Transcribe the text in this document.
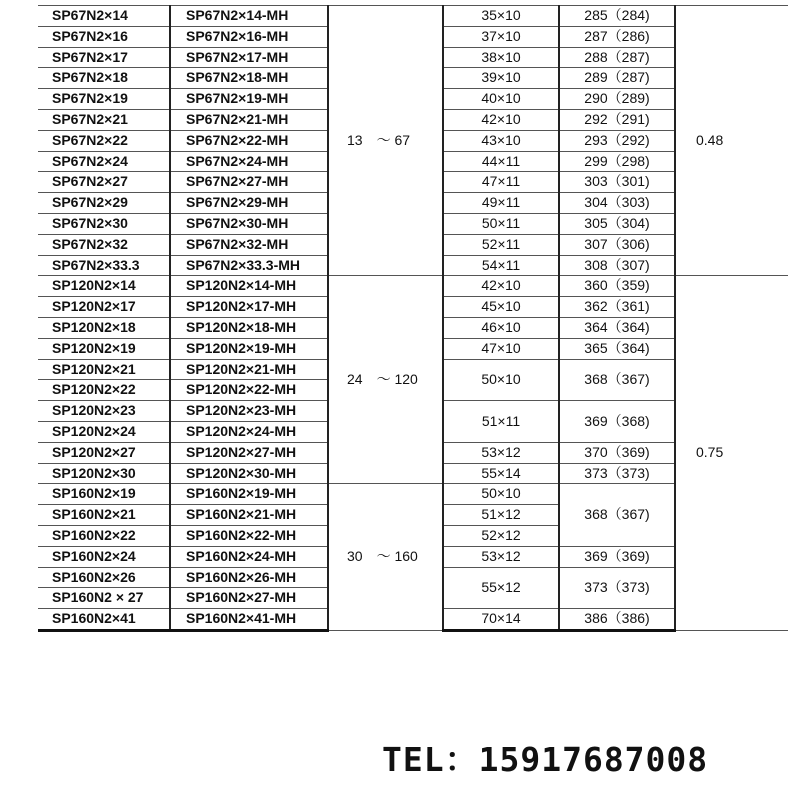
SP67N2×14	SP67N2×14-MH	13　～ 67	35×10	285（284)	0.48
SP67N2×16	SP67N2×16-MH		37×10	287（286)	
SP67N2×17	SP67N2×17-MH		38×10	288（287)	
SP67N2×18	SP67N2×18-MH		39×10	289（287)	
SP67N2×19	SP67N2×19-MH		40×10	290（289)	
SP67N2×21	SP67N2×21-MH		42×10	292（291)	
SP67N2×22	SP67N2×22-MH		43×10	293（292)	
SP67N2×24	SP67N2×24-MH		44×11	299（298)	
SP67N2×27	SP67N2×27-MH		47×11	303（301)	
SP67N2×29	SP67N2×29-MH		49×11	304（303)	
SP67N2×30	SP67N2×30-MH		50×11	305（304)	
SP67N2×32	SP67N2×32-MH		52×11	307（306)	
SP67N2×33.3	SP67N2×33.3-MH		54×11	308（307)	
SP120N2×14	SP120N2×14-MH	24　～ 120	42×10	360（359)	0.75
SP120N2×17	SP120N2×17-MH		45×10	362（361)	
SP120N2×18	SP120N2×18-MH		46×10	364（364)	
SP120N2×19	SP120N2×19-MH		47×10	365（364)	
SP120N2×21	SP120N2×21-MH		50×10	368（367)	
SP120N2×22	SP120N2×22-MH				
SP120N2×23	SP120N2×23-MH		51×11	369（368)	
SP120N2×24	SP120N2×24-MH				
SP120N2×27	SP120N2×27-MH		53×12	370（369)	
SP120N2×30	SP120N2×30-MH		55×14	373（373)	
SP160N2×19	SP160N2×19-MH	30　～ 160	50×10	368（367)	
SP160N2×21	SP160N2×21-MH		51×12		
SP160N2×22	SP160N2×22-MH		52×12		
SP160N2×24	SP160N2×24-MH		53×12	369（369)	
SP160N2×26	SP160N2×26-MH		55×12	373（373)	
SP160N2 × 27	SP160N2×27-MH				
SP160N2×41	SP160N2×41-MH		70×14	386（386)	
TEL：15917687008
